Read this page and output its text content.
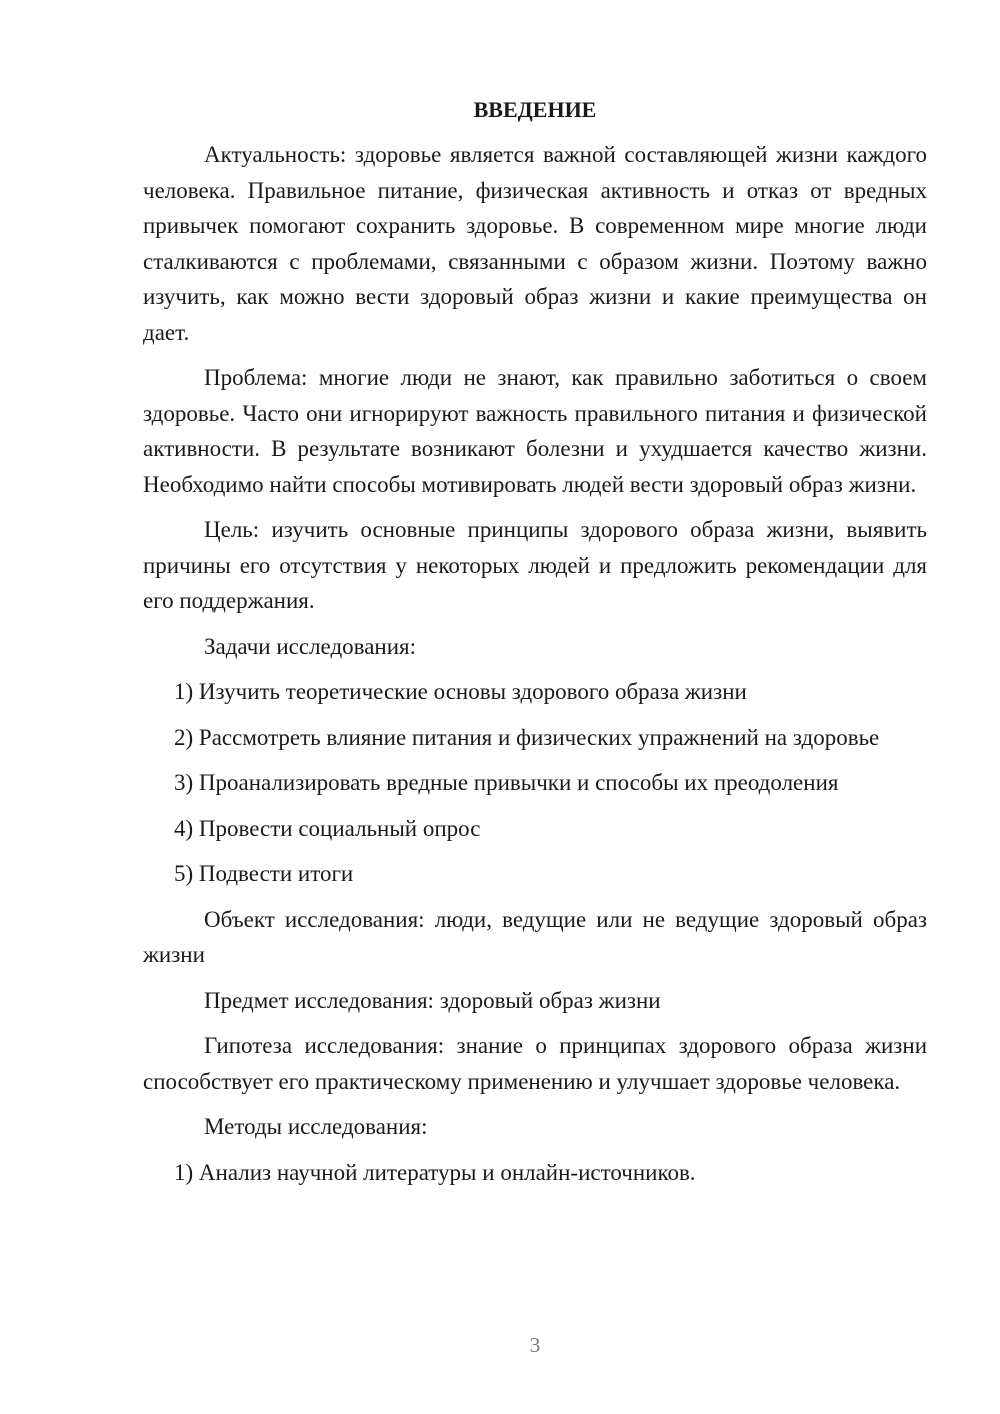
ВВЕДЕНИЕ

Актуальность: здоровье является важной составляющей жизни каждого человека. Правильное питание, физическая активность и отказ от вредных привычек помогают сохранить здоровье. В современном мире многие люди сталкиваются с проблемами, связанными с образом жизни. Поэтому важно изучить, как можно вести здоровый образ жизни и какие преимущества он дает.

Проблема: многие люди не знают, как правильно заботиться о своем здоровье. Часто они игнорируют важность правильного питания и физической активности. В результате возникают болезни и ухудшается качество жизни. Необходимо найти способы мотивировать людей вести здоровый образ жизни.

Цель: изучить основные принципы здорового образа жизни, выявить причины его отсутствия у некоторых людей и предложить рекомендации для его поддержания.

Задачи исследования:

1) Изучить теоретические основы здорового образа жизни

2) Рассмотреть влияние питания и физических упражнений на здоровье

3) Проанализировать вредные привычки и способы их преодоления

4) Провести социальный опрос

5) Подвести итоги

Объект исследования: люди, ведущие или не ведущие здоровый образ жизни

Предмет исследования: здоровый образ жизни

Гипотеза исследования: знание о принципах здорового образа жизни способствует его практическому применению и улучшает здоровье человека.

Методы исследования:

1) Анализ научной литературы и онлайн-источников.

3
